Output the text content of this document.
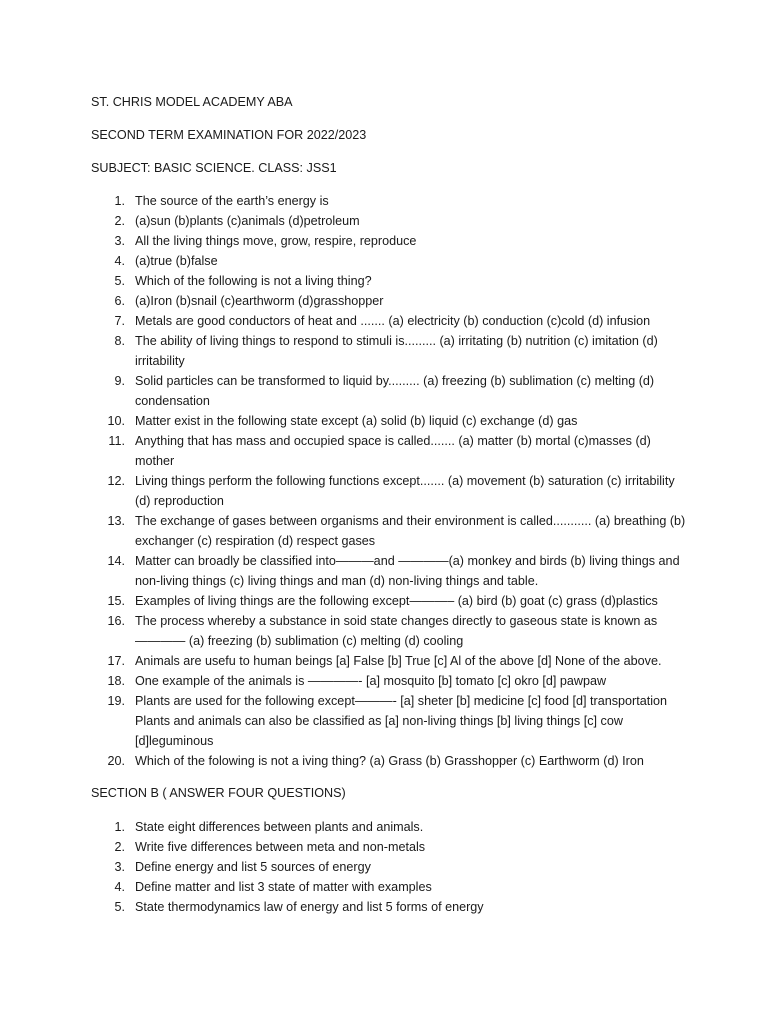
ST. CHRIS MODEL ACADEMY ABA
SECOND TERM EXAMINATION FOR 2022/2023
SUBJECT: BASIC SCIENCE. CLASS: JSS1
1. The source of the earth’s energy is
2. (a)sun (b)plants (c)animals (d)petroleum
3. All the living things move, grow, respire, reproduce
4. (a)true (b)false
5. Which of the following is not a living thing?
6. (a)Iron (b)snail (c)earthworm (d)grasshopper
7. Metals are good conductors of heat and ....... (a) electricity (b) conduction (c)cold (d) infusion
8. The ability of living things to respond to stimuli is......... (a) irritating (b) nutrition (c) imitation (d) irritability
9. Solid particles can be transformed to liquid by......... (a) freezing (b) sublimation (c) melting (d) condensation
10. Matter exist in the following state except (a) solid (b) liquid (c) exchange (d) gas
11. Anything that has mass and occupied space is called....... (a) matter (b) mortal (c)masses (d) mother
12. Living things perform the following functions except....... (a) movement (b) saturation (c) irritability (d) reproduction
13. The exchange of gases between organisms and their environment is called........... (a) breathing (b) exchanger (c) respiration (d) respect gases
14. Matter can broadly be classified into———and ————(a) monkey and birds (b) living things and non-living things (c) living things and man (d) non-living things and table.
15. Examples of living things are the following except———– (a) bird (b) goat (c) grass (d)plastics
16. The process whereby a substance in soid state changes directly to gaseous state is known as ———— (a) freezing (b) sublimation (c) melting (d) cooling
17. Animals are usefu to human beings [a] False [b] True [c] Al of the above [d] None of the above.
18. One example of the animals is ————- [a] mosquito [b] tomato [c] okro [d] pawpaw
19. Plants are used for the following except———- [a] sheter [b] medicine [c] food [d] transportation Plants and animals can also be classified as [a] non-living things [b] living things [c] cow [d]leguminous
20. Which of the folowing is not a iving thing? (a) Grass (b) Grasshopper (c) Earthworm (d) Iron
SECTION B ( ANSWER FOUR QUESTIONS)
1. State eight differences between plants and animals.
2. Write five differences between meta and non-metals
3. Define energy and list 5 sources of energy
4. Define matter and list 3 state of matter with examples
5. State thermodynamics law of energy and list 5 forms of energy
